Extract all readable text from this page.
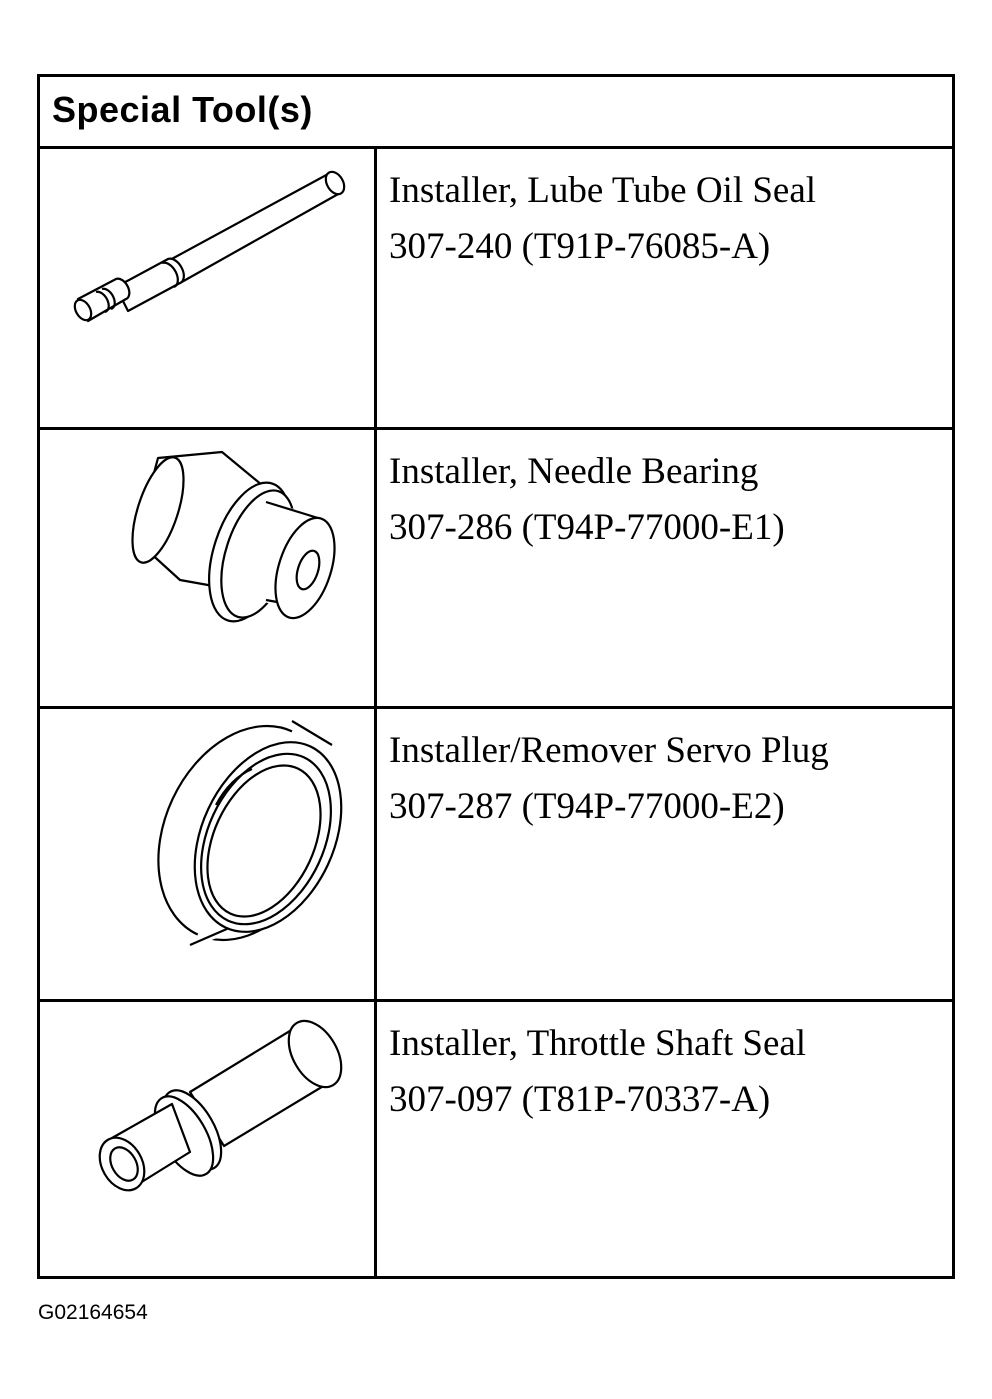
Special Tool(s)
Installer, Lube Tube Oil Seal
307-240 (T91P-76085-A)
Installer, Needle Bearing
307-286 (T94P-77000-E1)
Installer/Remover Servo Plug
307-287 (T94P-77000-E2)
Installer, Throttle Shaft Seal
307-097 (T81P-70337-A)
G02164654
